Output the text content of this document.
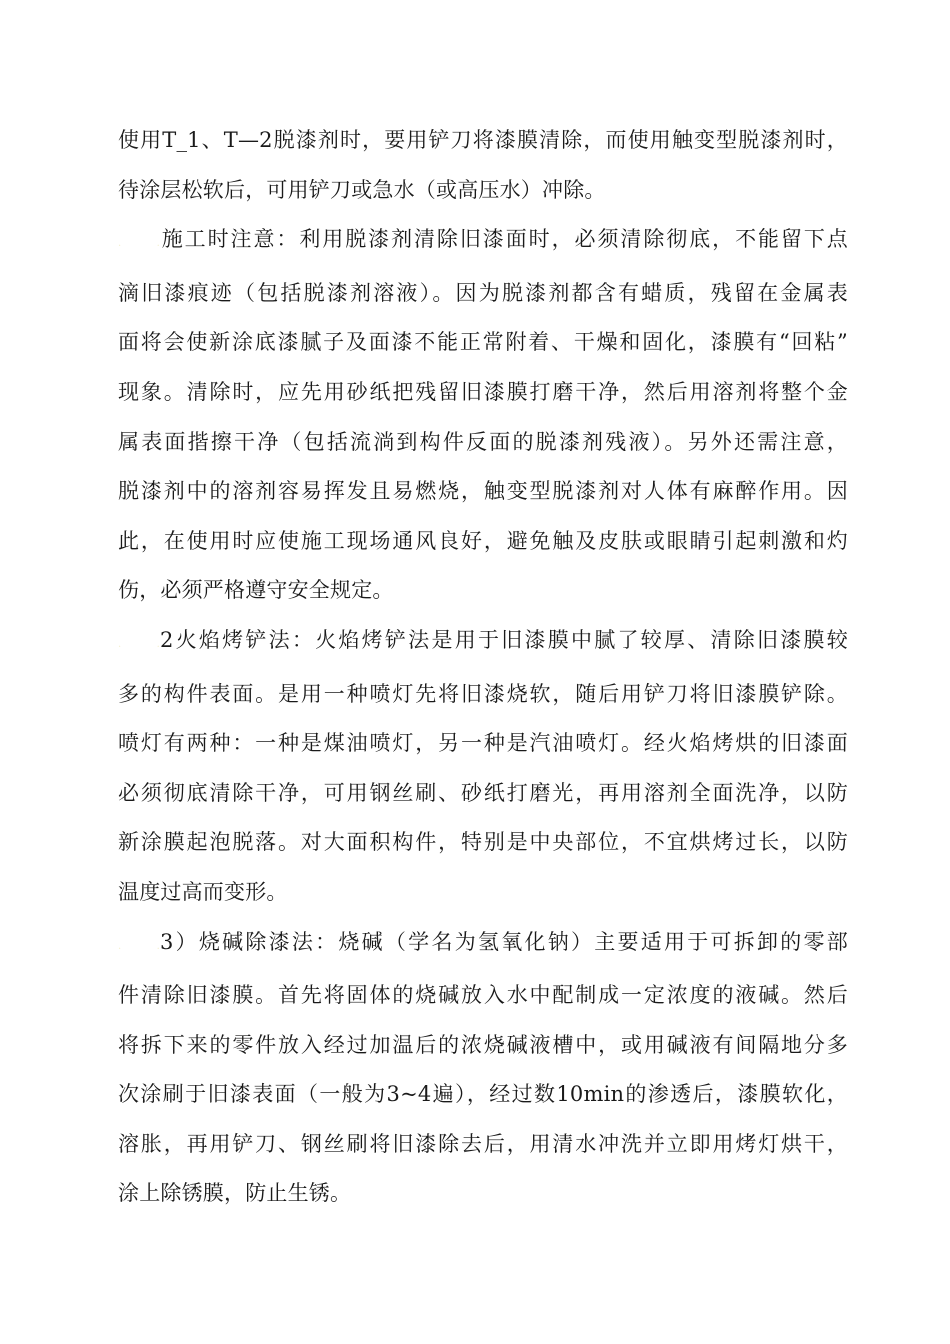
使用T_1、T—2脱漆剂时，要用铲刀将漆膜清除，而使用触变型脱漆剂时，
待涂层松软后，可用铲刀或急水（或高压水）冲除。

. .施工时注意：利用脱漆剂清除旧漆面时，必须清除彻底，不能留下点
滴旧漆痕迹（包括脱漆剂溶液）。因为脱漆剂都含有蜡质，残留在金属表
面将会使新涂底漆腻子及面漆不能正常附着、干燥和固化，漆膜有“回粘”
现象。清除时，应先用砂纸把残留旧漆膜打磨干净，然后用溶剂将整个金
属表面揩擦干净（包括流淌到构件反面的脱漆剂残液）。另外还需注意，
脱漆剂中的溶剂容易挥发且易燃烧，触变型脱漆剂对人体有麻醉作用。因
此，在使用时应使施工现场通风良好，避免触及皮肤或眼睛引起刺激和灼
伤，必须严格遵守安全规定。

. .2火焰烤铲法：火焰烤铲法是用于旧漆膜中腻了较厚、清除旧漆膜较
多的构件表面。是用一种喷灯先将旧漆烧软，随后用铲刀将旧漆膜铲除。
喷灯有两种：一种是煤油喷灯，另一种是汽油喷灯。经火焰烤烘的旧漆面
必须彻底清除干净，可用钢丝刷、砂纸打磨光，再用溶剂全面洗净，以防
新涂膜起泡脱落。对大面积构件，特别是中央部位，不宜烘烤过长，以防
温度过高而变形。

. .3）烧碱除漆法：烧碱（学名为氢氧化钠）主要适用于可拆卸的零部
件清除旧漆膜。首先将固体的烧碱放入水中配制成一定浓度的液碱。然后
将拆下来的零件放入经过加温后的浓烧碱液槽中，或用碱液有间隔地分多
次涂刷于旧漆表面（一般为3~4遍），经过数10min的渗透后，漆膜软化，
溶胀，再用铲刀、钢丝刷将旧漆除去后，用清水冲洗并立即用烤灯烘干，
涂上除锈膜，防止生锈。
